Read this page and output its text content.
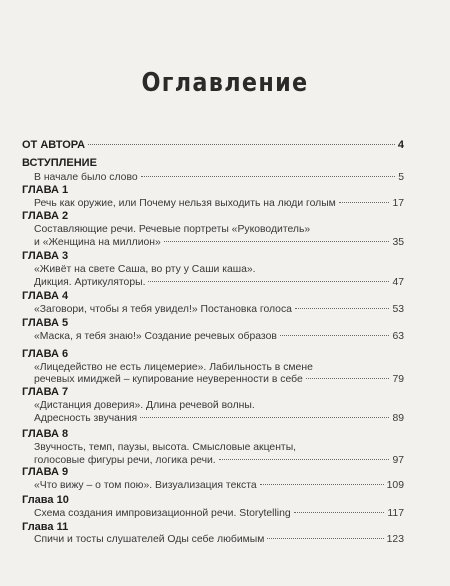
Оглавление
ОТ АВТОРА	4
ВСТУПЛЕНИЕ
В начале было слово	5
ГЛАВА 1
Речь как оружие, или Почему нельзя выходить на люди голым	17
ГЛАВА 2
Составляющие речи. Речевые портреты «Руководитель»
и «Женщина на миллион»	35
ГЛАВА 3
«Живёт на свете Саша, во рту у Саши каша».
Дикция. Артикуляторы.	47
ГЛАВА 4
«Заговори, чтобы я тебя увидел!» Постановка голоса	53
ГЛАВА 5
«Маска, я тебя знаю!» Создание речевых образов	63
ГЛАВА 6
«Лицедейство не есть лицемерие». Лабильность в смене
речевых имиджей – купирование неуверенности в себе	79
ГЛАВА 7
«Дистанция доверия». Длина речевой волны.
Адресность звучания	89
ГЛАВА 8
Звучность, темп, паузы, высота. Смысловые акценты,
голосовые фигуры речи, логика речи.	97
ГЛАВА 9
«Что вижу – о том пою». Визуализация текста	109
Глава 10
Схема создания импровизационной речи. Storytelling	117
Глава 11
Спичи и тосты слушателей Оды себе любимым	123
